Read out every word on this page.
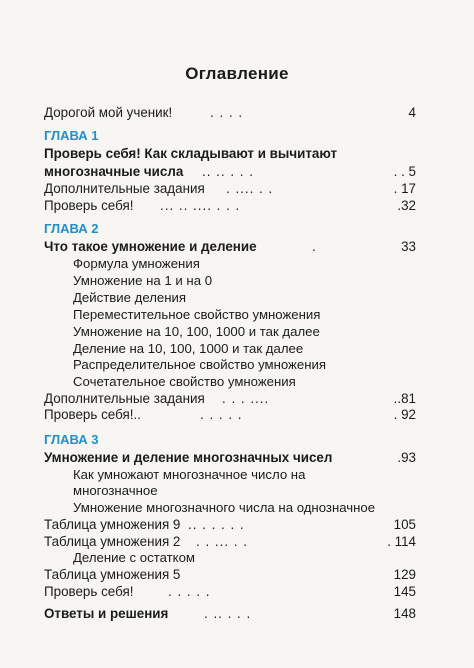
Оглавление
Дорогой мой ученик!	. . . .	4
ГЛАВА 1
Проверь себя! Как складывают и вычитают
многозначные числа .. .. . . .	. . 5
Дополнительные задания . .... . .	. 17
Проверь себя! ... .. .... . . .	.32
ГЛАВА 2
Что такое умножение и деление	.	33
Формула умножения
Умножение на 1 и на 0
Действие деления
Переместительное свойство умножения
Умножение на 10, 100, 1000 и так далее
Деление на 10, 100, 1000 и так далее
Распределительное свойство умножения
Сочетательное свойство умножения
Дополнительные задания . . . ....	..81
Проверь себя!..	. . . . .	. 92
ГЛАВА 3
Умножение и деление многозначных чисел	.93
Как умножают многозначное число на
многозначное
Умножение многозначного числа на однозначное
Таблица умножения 9 .. . . . . .	105
Таблица умножения 2 . . ... . .	. 114
Деление с остатком
Таблица умножения 5	129
Проверь себя!	. . . . .	145
Ответы и решения	. .. . . .	148
